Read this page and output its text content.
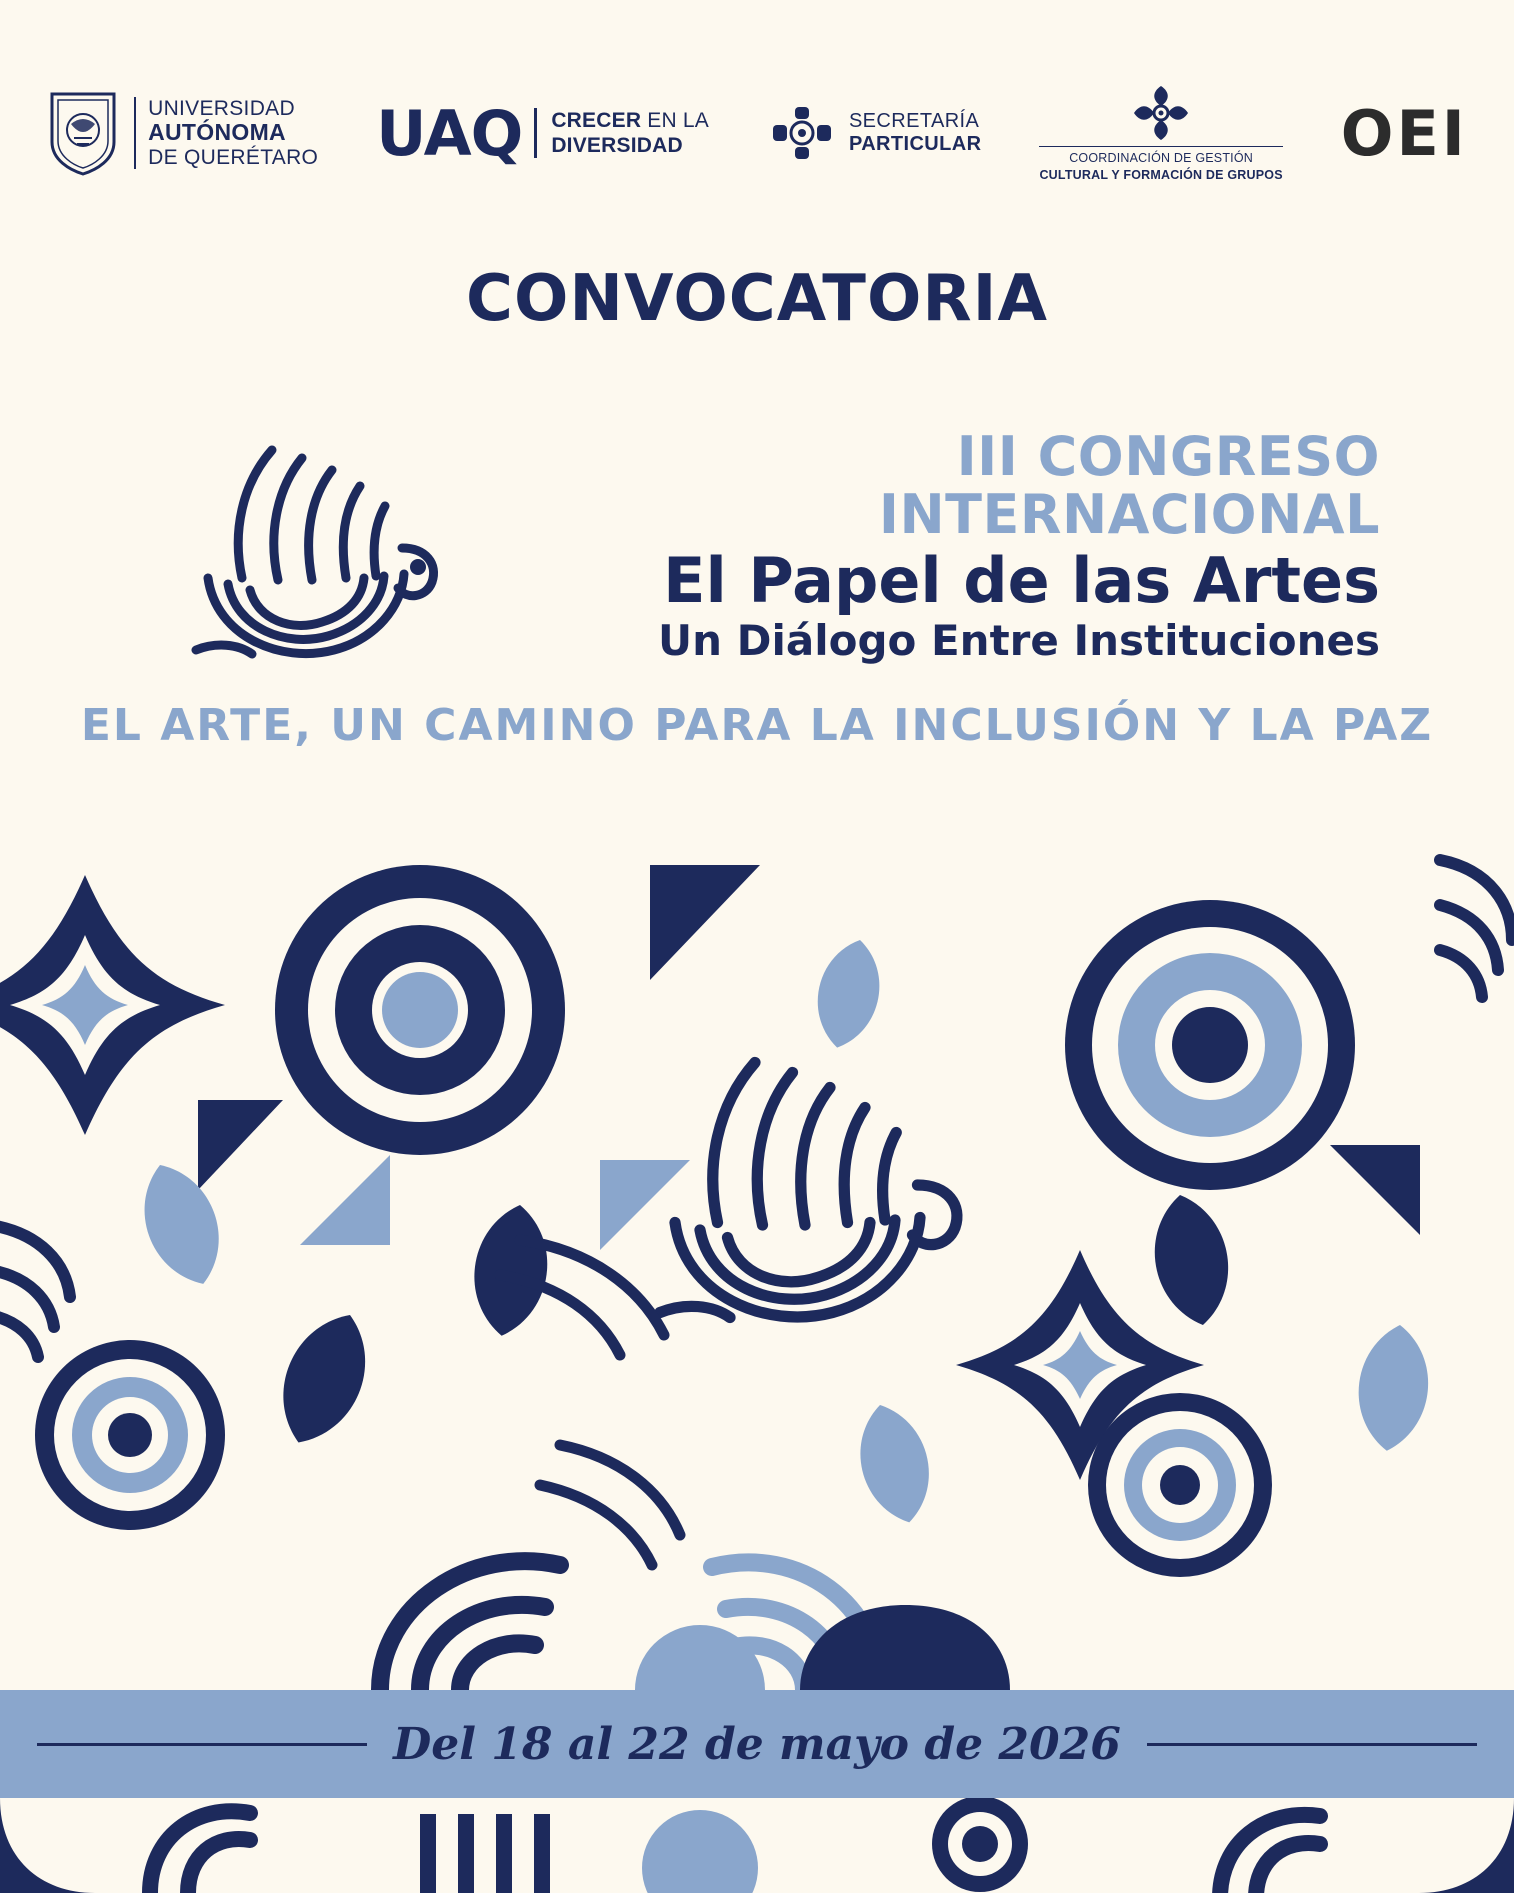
UNIVERSIDAD
AUTÓNOMA
DE QUERÉTARO UAQ CRECER EN LA
DIVERSIDAD
SECRETARÍA
PARTICULAR
COORDINACIÓN DE GESTIÓN
CULTURAL Y FORMACIÓN DE GRUPOS
OEI
CONVOCATORIA
III CONGRESO INTERNACIONAL
El Papel de las Artes
Un Diálogo Entre Instituciones
EL ARTE, UN CAMINO PARA LA INCLUSIÓN Y LA PAZ
Del 18 al 22 de mayo de 2026
